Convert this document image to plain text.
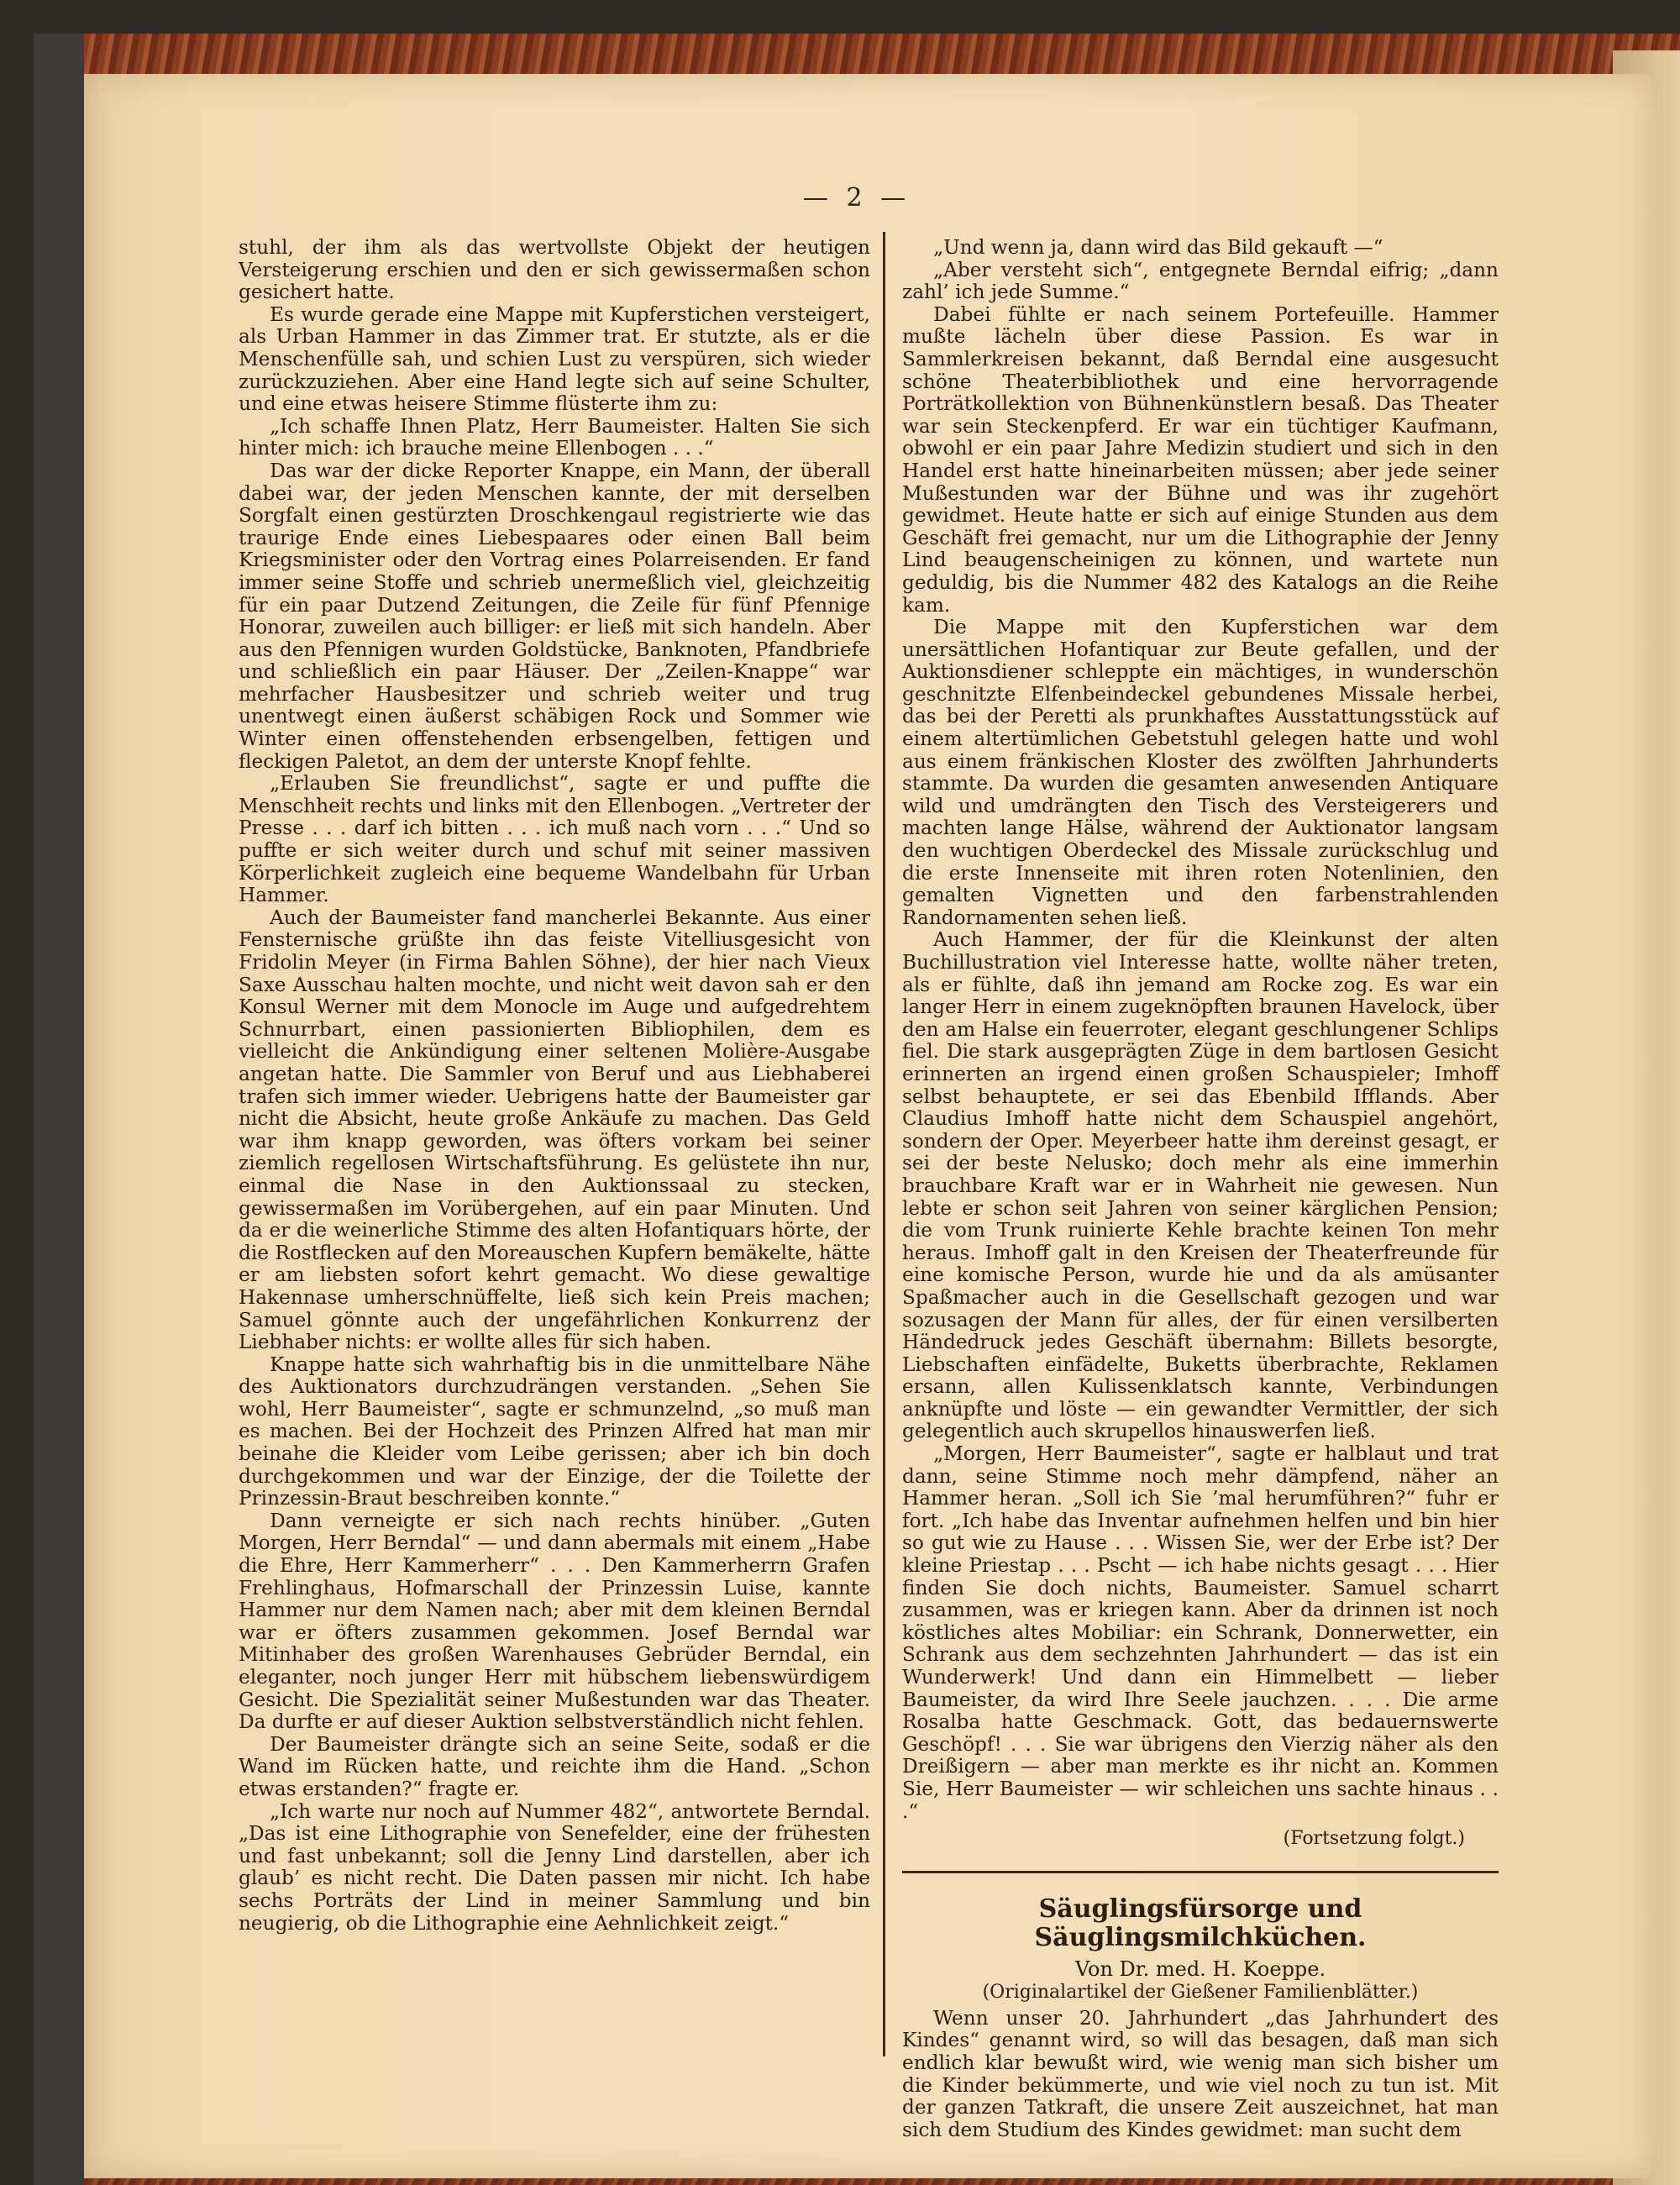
— 2 —

stuhl, der ihm als das wertvollste Objekt der heutigen Versteigerung erschien und den er sich gewissermaßen schon gesichert hatte.

Es wurde gerade eine Mappe mit Kupferstichen versteigert, als Urban Hammer in das Zimmer trat. Er stutzte, als er die Menschenfülle sah, und schien Lust zu verspüren, sich wieder zurückzuziehen. Aber eine Hand legte sich auf seine Schulter, und eine etwas heisere Stimme flüsterte ihm zu:

„Ich schaffe Ihnen Platz, Herr Baumeister. Halten Sie sich hinter mich: ich brauche meine Ellenbogen . . .“

Das war der dicke Reporter Knappe, ein Mann, der überall dabei war, der jeden Menschen kannte, der mit derselben Sorgfalt einen gestürzten Droschkengaul registrierte wie das traurige Ende eines Liebespaares oder einen Ball beim Kriegsminister oder den Vortrag eines Polarreisenden. Er fand immer seine Stoffe und schrieb unermeßlich viel, gleichzeitig für ein paar Dutzend Zeitungen, die Zeile für fünf Pfennige Honorar, zuweilen auch billiger: er ließ mit sich handeln. Aber aus den Pfennigen wurden Goldstücke, Banknoten, Pfandbriefe und schließlich ein paar Häuser. Der „Zeilen-Knappe“ war mehrfacher Hausbesitzer und schrieb weiter und trug unentwegt einen äußerst schäbigen Rock und Sommer wie Winter einen offenstehenden erbsengelben, fettigen und fleckigen Paletot, an dem der unterste Knopf fehlte.

„Erlauben Sie freundlichst“, sagte er und puffte die Menschheit rechts und links mit den Ellenbogen. „Vertreter der Presse . . . darf ich bitten . . . ich muß nach vorn . . .“ Und so puffte er sich weiter durch und schuf mit seiner massiven Körperlichkeit zugleich eine bequeme Wandelbahn für Urban Hammer.

Auch der Baumeister fand mancherlei Bekannte. Aus einer Fensternische grüßte ihn das feiste Vitelliusgesicht von Fridolin Meyer (in Firma Bahlen Söhne), der hier nach Vieux Saxe Ausschau halten mochte, und nicht weit davon sah er den Konsul Werner mit dem Monocle im Auge und aufgedrehtem Schnurrbart, einen passionierten Bibliophilen, dem es vielleicht die Ankündigung einer seltenen Molière-Ausgabe angetan hatte. Die Sammler von Beruf und aus Liebhaberei trafen sich immer wieder. Uebrigens hatte der Baumeister gar nicht die Absicht, heute große Ankäufe zu machen. Das Geld war ihm knapp geworden, was öfters vorkam bei seiner ziemlich regellosen Wirtschaftsführung. Es gelüstete ihn nur, einmal die Nase in den Auktionssaal zu stecken, gewissermaßen im Vorübergehen, auf ein paar Minuten. Und da er die weinerliche Stimme des alten Hofantiquars hörte, der die Rostflecken auf den Moreauschen Kupfern bemäkelte, hätte er am liebsten sofort kehrt gemacht. Wo diese gewaltige Hakennase umherschnüffelte, ließ sich kein Preis machen; Samuel gönnte auch der ungefährlichen Konkurrenz der Liebhaber nichts: er wollte alles für sich haben.

Knappe hatte sich wahrhaftig bis in die unmittelbare Nähe des Auktionators durchzudrängen verstanden. „Sehen Sie wohl, Herr Baumeister“, sagte er schmunzelnd, „so muß man es machen. Bei der Hochzeit des Prinzen Alfred hat man mir beinahe die Kleider vom Leibe gerissen; aber ich bin doch durchgekommen und war der Einzige, der die Toilette der Prinzessin-Braut beschreiben konnte.“

Dann verneigte er sich nach rechts hinüber. „Guten Morgen, Herr Berndal“ — und dann abermals mit einem „Habe die Ehre, Herr Kammerherr“ . . . Den Kammerherrn Grafen Frehlinghaus, Hofmarschall der Prinzessin Luise, kannte Hammer nur dem Namen nach; aber mit dem kleinen Berndal war er öfters zusammen gekommen. Josef Berndal war Mitinhaber des großen Warenhauses Gebrüder Berndal, ein eleganter, noch junger Herr mit hübschem liebenswürdigem Gesicht. Die Spezialität seiner Mußestunden war das Theater. Da durfte er auf dieser Auktion selbstverständlich nicht fehlen.

Der Baumeister drängte sich an seine Seite, sodaß er die Wand im Rücken hatte, und reichte ihm die Hand. „Schon etwas erstanden?“ fragte er.

„Ich warte nur noch auf Nummer 482“, antwortete Berndal. „Das ist eine Lithographie von Senefelder, eine der frühesten und fast unbekannt; soll die Jenny Lind darstellen, aber ich glaub’ es nicht recht. Die Daten passen mir nicht. Ich habe sechs Porträts der Lind in meiner Sammlung und bin neugierig, ob die Lithographie eine Aehnlichkeit zeigt.“

„Und wenn ja, dann wird das Bild gekauft —“

„Aber versteht sich“, entgegnete Berndal eifrig; „dann zahl’ ich jede Summe.“

Dabei fühlte er nach seinem Portefeuille. Hammer mußte lächeln über diese Passion. Es war in Sammlerkreisen bekannt, daß Berndal eine ausgesucht schöne Theaterbibliothek und eine hervorragende Porträtkollektion von Bühnenkünstlern besaß. Das Theater war sein Steckenpferd. Er war ein tüchtiger Kaufmann, obwohl er ein paar Jahre Medizin studiert und sich in den Handel erst hatte hineinarbeiten müssen; aber jede seiner Mußestunden war der Bühne und was ihr zugehört gewidmet. Heute hatte er sich auf einige Stunden aus dem Geschäft frei gemacht, nur um die Lithographie der Jenny Lind beaugenscheinigen zu können, und wartete nun geduldig, bis die Nummer 482 des Katalogs an die Reihe kam.

Die Mappe mit den Kupferstichen war dem unersättlichen Hofantiquar zur Beute gefallen, und der Auktionsdiener schleppte ein mächtiges, in wunderschön geschnitzte Elfenbeindeckel gebundenes Missale herbei, das bei der Peretti als prunkhaftes Ausstattungsstück auf einem altertümlichen Gebetstuhl gelegen hatte und wohl aus einem fränkischen Kloster des zwölften Jahrhunderts stammte. Da wurden die gesamten anwesenden Antiquare wild und umdrängten den Tisch des Versteigerers und machten lange Hälse, während der Auktionator langsam den wuchtigen Oberdeckel des Missale zurückschlug und die erste Innenseite mit ihren roten Notenlinien, den gemalten Vignetten und den farbenstrahlenden Randornamenten sehen ließ.

Auch Hammer, der für die Kleinkunst der alten Buchillustration viel Interesse hatte, wollte näher treten, als er fühlte, daß ihn jemand am Rocke zog. Es war ein langer Herr in einem zugeknöpften braunen Havelock, über den am Halse ein feuerroter, elegant geschlungener Schlips fiel. Die stark ausgeprägten Züge in dem bartlosen Gesicht erinnerten an irgend einen großen Schauspieler; Imhoff selbst behauptete, er sei das Ebenbild Ifflands. Aber Claudius Imhoff hatte nicht dem Schauspiel angehört, sondern der Oper. Meyerbeer hatte ihm dereinst gesagt, er sei der beste Nelusko; doch mehr als eine immerhin brauchbare Kraft war er in Wahrheit nie gewesen. Nun lebte er schon seit Jahren von seiner kärglichen Pension; die vom Trunk ruinierte Kehle brachte keinen Ton mehr heraus. Imhoff galt in den Kreisen der Theaterfreunde für eine komische Person, wurde hie und da als amüsanter Spaßmacher auch in die Gesellschaft gezogen und war sozusagen der Mann für alles, der für einen versilberten Händedruck jedes Geschäft übernahm: Billets besorgte, Liebschaften einfädelte, Buketts überbrachte, Reklamen ersann, allen Kulissenklatsch kannte, Verbindungen anknüpfte und löste — ein gewandter Vermittler, der sich gelegentlich auch skrupellos hinauswerfen ließ.

„Morgen, Herr Baumeister“, sagte er halblaut und trat dann, seine Stimme noch mehr dämpfend, näher an Hammer heran. „Soll ich Sie ’mal herumführen?“ fuhr er fort. „Ich habe das Inventar aufnehmen helfen und bin hier so gut wie zu Hause . . . Wissen Sie, wer der Erbe ist? Der kleine Priestap . . . Pscht — ich habe nichts gesagt . . . Hier finden Sie doch nichts, Baumeister. Samuel scharrt zusammen, was er kriegen kann. Aber da drinnen ist noch köstliches altes Mobiliar: ein Schrank, Donnerwetter, ein Schrank aus dem sechzehnten Jahrhundert — das ist ein Wunderwerk! Und dann ein Himmelbett — lieber Baumeister, da wird Ihre Seele jauchzen. . . . Die arme Rosalba hatte Geschmack. Gott, das bedauernswerte Geschöpf! . . . Sie war übrigens den Vierzig näher als den Dreißigern — aber man merkte es ihr nicht an. Kommen Sie, Herr Baumeister — wir schleichen uns sachte hinaus . . .“

(Fortsetzung folgt.)
Säuglingsfürsorge und Säuglingsmilchküchen.
Von Dr. med. H. Koeppe.
(Originalartikel der Gießener Familienblätter.)

Wenn unser 20. Jahrhundert „das Jahrhundert des Kindes“ genannt wird, so will das besagen, daß man sich endlich klar bewußt wird, wie wenig man sich bisher um die Kinder bekümmerte, und wie viel noch zu tun ist. Mit der ganzen Tatkraft, die unsere Zeit auszeichnet, hat man sich dem Studium des Kindes gewidmet: man sucht dem
